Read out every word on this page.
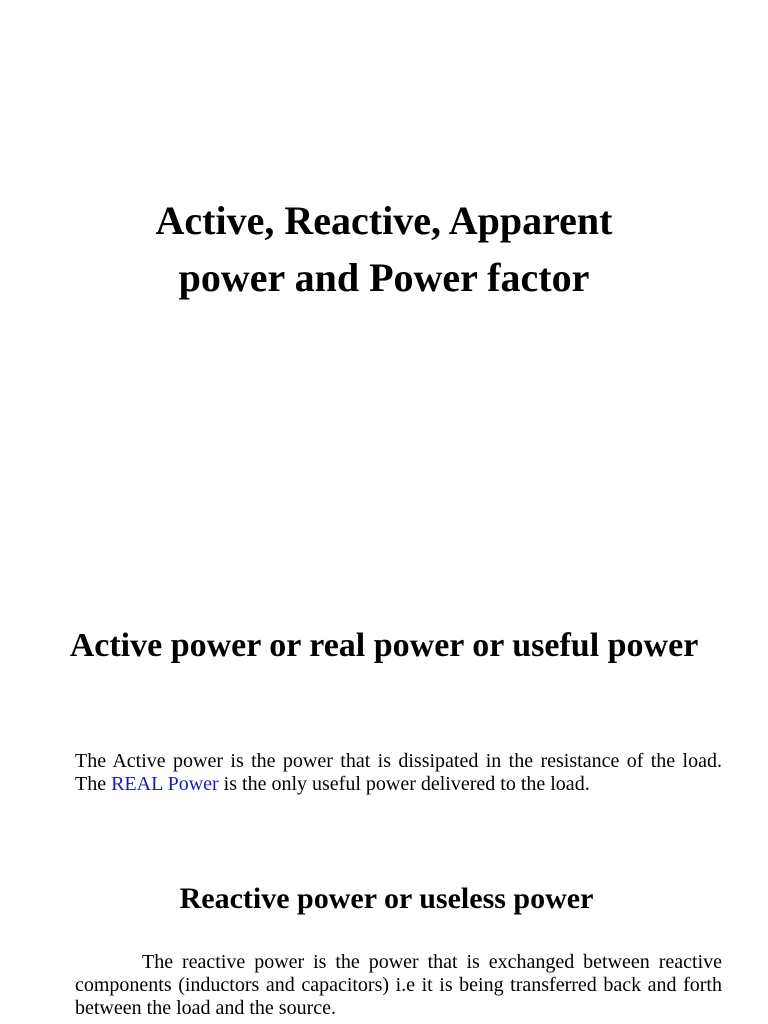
Active, Reactive, Apparent
power and Power factor
Active power or real power or useful power

The Active power is the power that is dissipated in the resistance of the load. The REAL Power is the only useful power delivered to the load.

Reactive power or useless power

The reactive power is the power that is exchanged between reactive components (inductors and capacitors) i.e it is being transferred back and forth between the load and the source.
